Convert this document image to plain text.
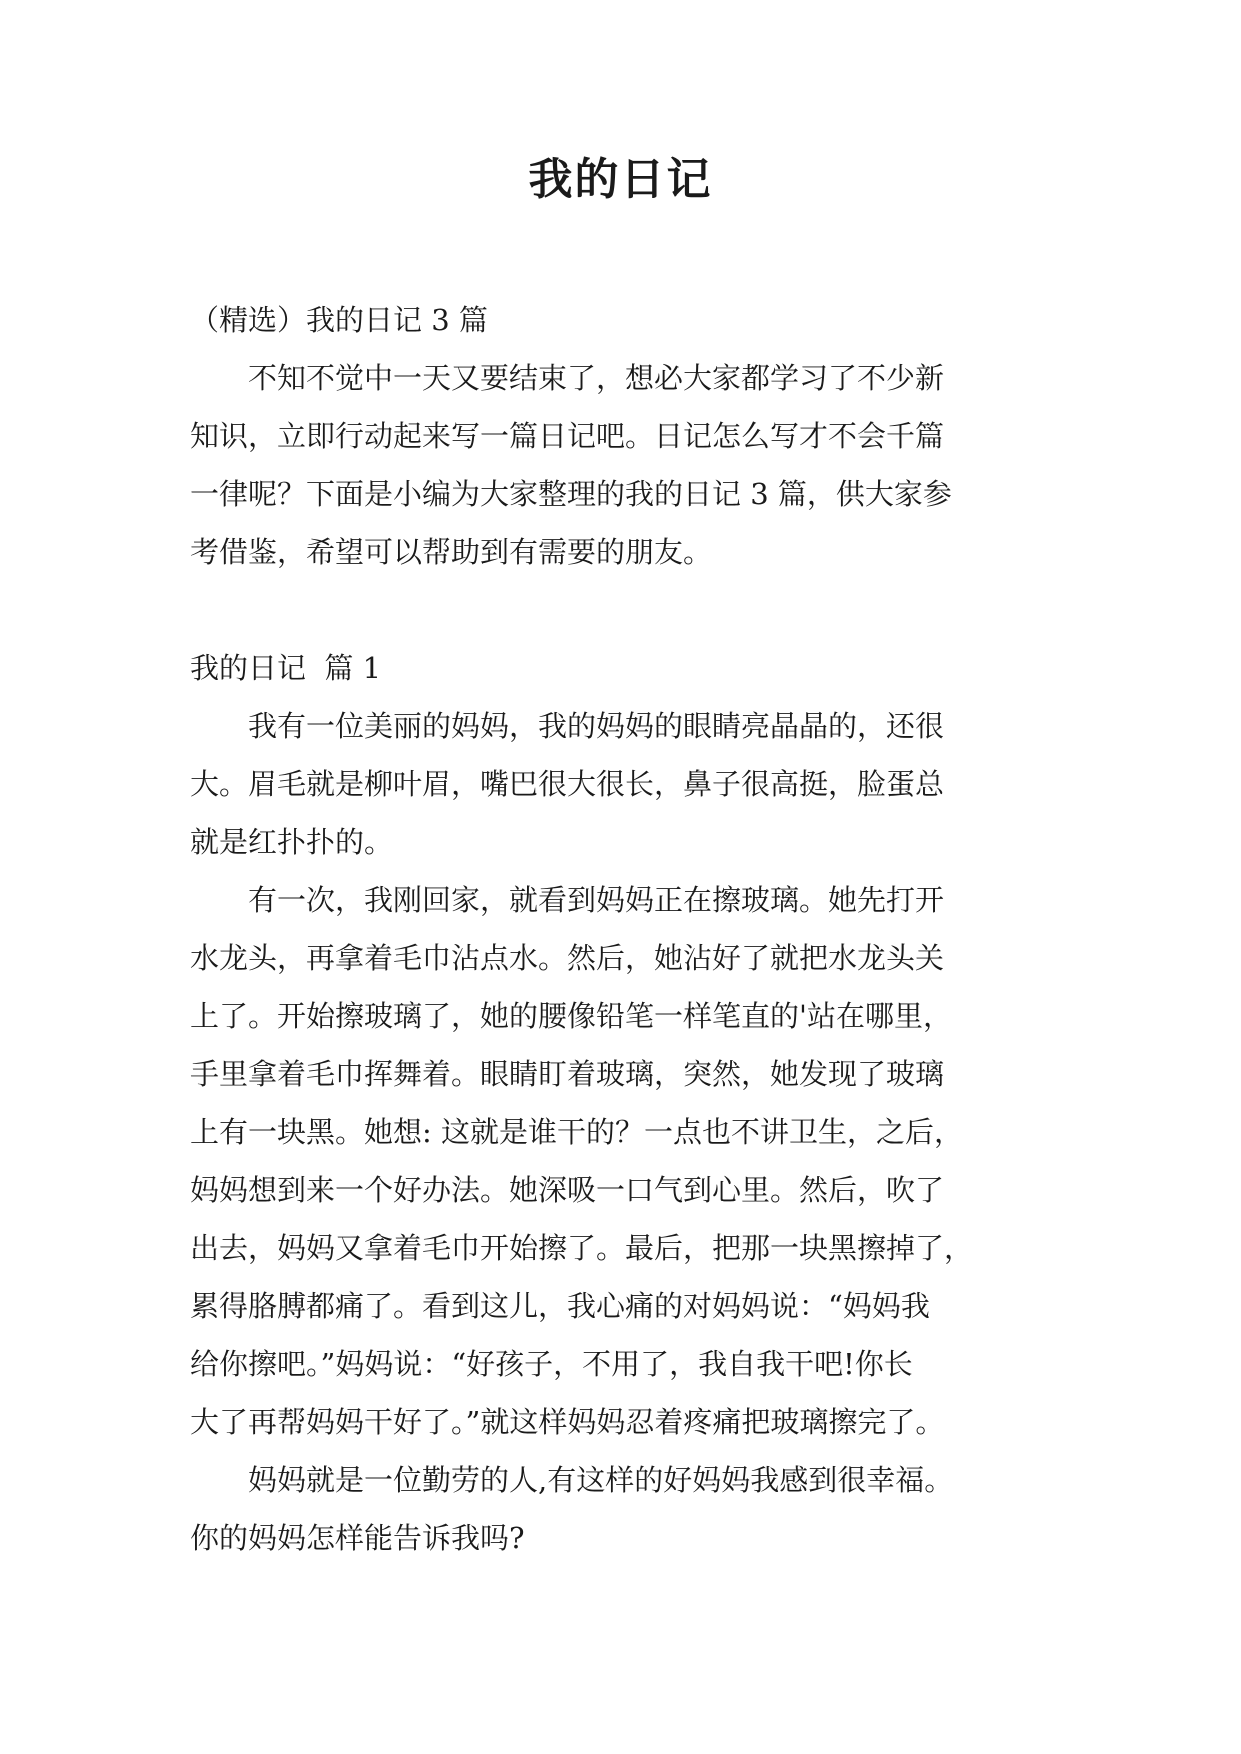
我的日记

（精选）我的日记 3 篇

　　不知不觉中一天又要结束了，想必大家都学习了不少新

知识，立即行动起来写一篇日记吧。日记怎么写才不会千篇

一律呢？下面是小编为大家整理的我的日记 3 篇，供大家参

考借鉴，希望可以帮助到有需要的朋友。

我的日记  篇 1

　　我有一位美丽的妈妈，我的妈妈的眼睛亮晶晶的，还很

大。眉毛就是柳叶眉，嘴巴很大很长，鼻子很高挺，脸蛋总

就是红扑扑的。

　　有一次，我刚回家，就看到妈妈正在擦玻璃。她先打开

水龙头，再拿着毛巾沾点水。然后，她沾好了就把水龙头关

上了。开始擦玻璃了，她的腰像铅笔一样笔直的'站在哪里，

手里拿着毛巾挥舞着。眼睛盯着玻璃，突然，她发现了玻璃

上有一块黑。她想: 这就是谁干的？一点也不讲卫生，之后，

妈妈想到来一个好办法。她深吸一口气到心里。然后，吹了

出去，妈妈又拿着毛巾开始擦了。最后，把那一块黑擦掉了，

累得胳膊都痛了。看到这儿，我心痛的对妈妈说：“妈妈我

给你擦吧。”妈妈说：“好孩子，不用了，我自我干吧!你长

大了再帮妈妈干好了。”就这样妈妈忍着疼痛把玻璃擦完了。

　　妈妈就是一位勤劳的人,有这样的好妈妈我感到很幸福。

你的妈妈怎样能告诉我吗?
